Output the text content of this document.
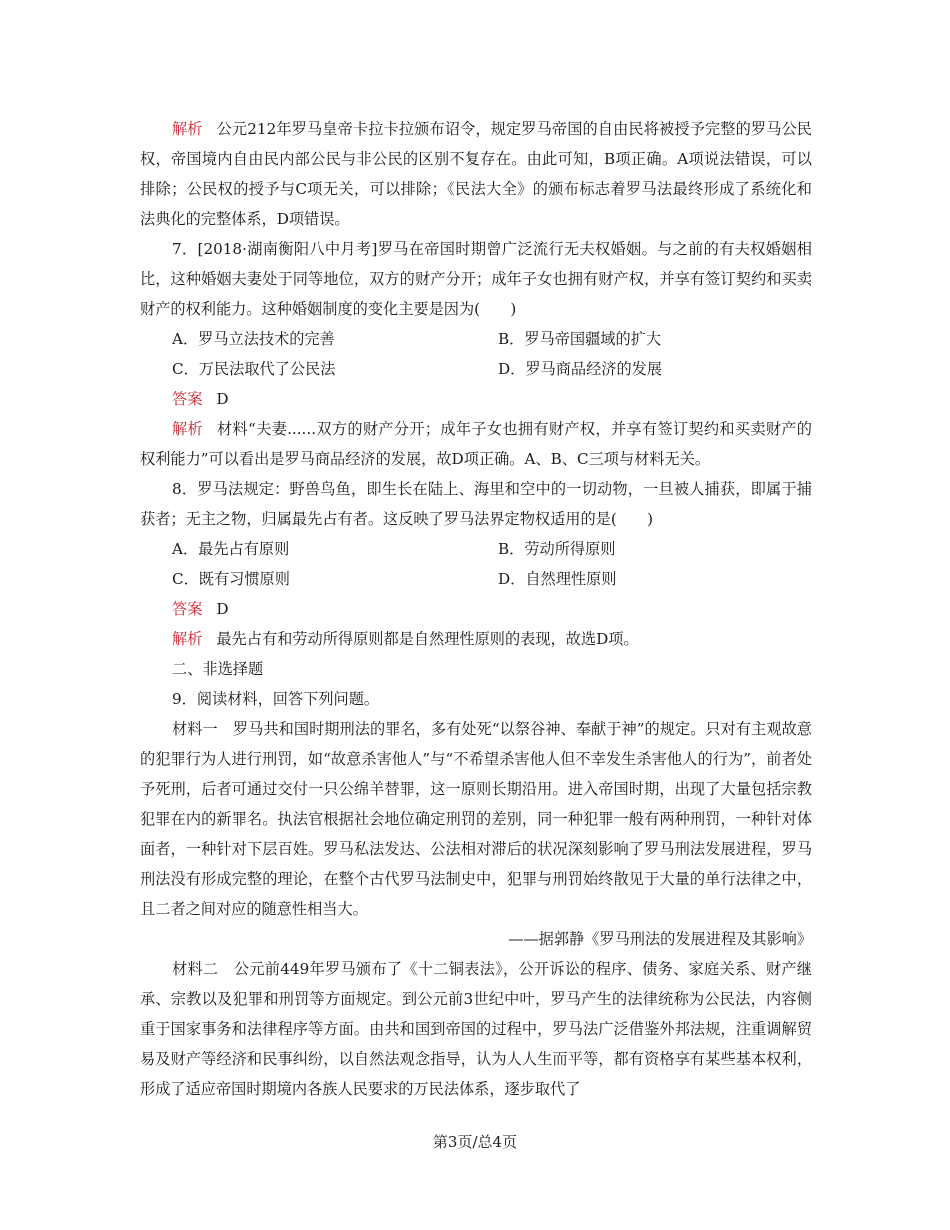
解析 公元212年罗马皇帝卡拉卡拉颁布诏令，规定罗马帝国的自由民将被授予完整的罗马公民权，帝国境内自由民内部公民与非公民的区别不复存在。由此可知，B项正确。A项说法错误，可以排除；公民权的授予与C项无关，可以排除；《民法大全》的颁布标志着罗马法最终形成了系统化和法典化的完整体系，D项错误。

7．[2018·湖南衡阳八中月考]罗马在帝国时期曾广泛流行无夫权婚姻。与之前的有夫权婚姻相比，这种婚姻夫妻处于同等地位，双方的财产分开；成年子女也拥有财产权，并享有签订契约和买卖财产的权利能力。这种婚姻制度的变化主要是因为(　　)

A．罗马立法技术的完善	B．罗马帝国疆域的扩大

C．万民法取代了公民法	D．罗马商品经济的发展

答案 D

解析 材料“夫妻......双方的财产分开；成年子女也拥有财产权，并享有签订契约和买卖财产的权利能力”可以看出是罗马商品经济的发展，故D项正确。A、B、C三项与材料无关。

8．罗马法规定：野兽鸟鱼，即生长在陆上、海里和空中的一切动物，一旦被人捕获，即属于捕获者；无主之物，归属最先占有者。这反映了罗马法界定物权适用的是(　　)

A．最先占有原则	B．劳动所得原则

C．既有习惯原则	D．自然理性原则

答案 D

解析 最先占有和劳动所得原则都是自然理性原则的表现，故选D项。

二、非选择题

9．阅读材料，回答下列问题。

材料一　罗马共和国时期刑法的罪名，多有处死“以祭谷神、奉献于神”的规定。只对有主观故意的犯罪行为人进行刑罚，如“故意杀害他人”与“不希望杀害他人但不幸发生杀害他人的行为”，前者处予死刑，后者可通过交付一只公绵羊替罪，这一原则长期沿用。进入帝国时期，出现了大量包括宗教犯罪在内的新罪名。执法官根据社会地位确定刑罚的差别，同一种犯罪一般有两种刑罚，一种针对体面者，一种针对下层百姓。罗马私法发达、公法相对滞后的状况深刻影响了罗马刑法发展进程，罗马刑法没有形成完整的理论，在整个古代罗马法制史中，犯罪与刑罚始终散见于大量的单行法律之中，且二者之间对应的随意性相当大。

——据郭静《罗马刑法的发展进程及其影响》

材料二　公元前449年罗马颁布了《十二铜表法》，公开诉讼的程序、债务、家庭关系、财产继承、宗教以及犯罪和刑罚等方面规定。到公元前3世纪中叶，罗马产生的法律统称为公民法，内容侧重于国家事务和法律程序等方面。由共和国到帝国的过程中，罗马法广泛借鉴外邦法规，注重调解贸易及财产等经济和民事纠纷，以自然法观念指导，认为人人生而平等，都有资格享有某些基本权利，形成了适应帝国时期境内各族人民要求的万民法体系，逐步取代了

第3页/总4页
